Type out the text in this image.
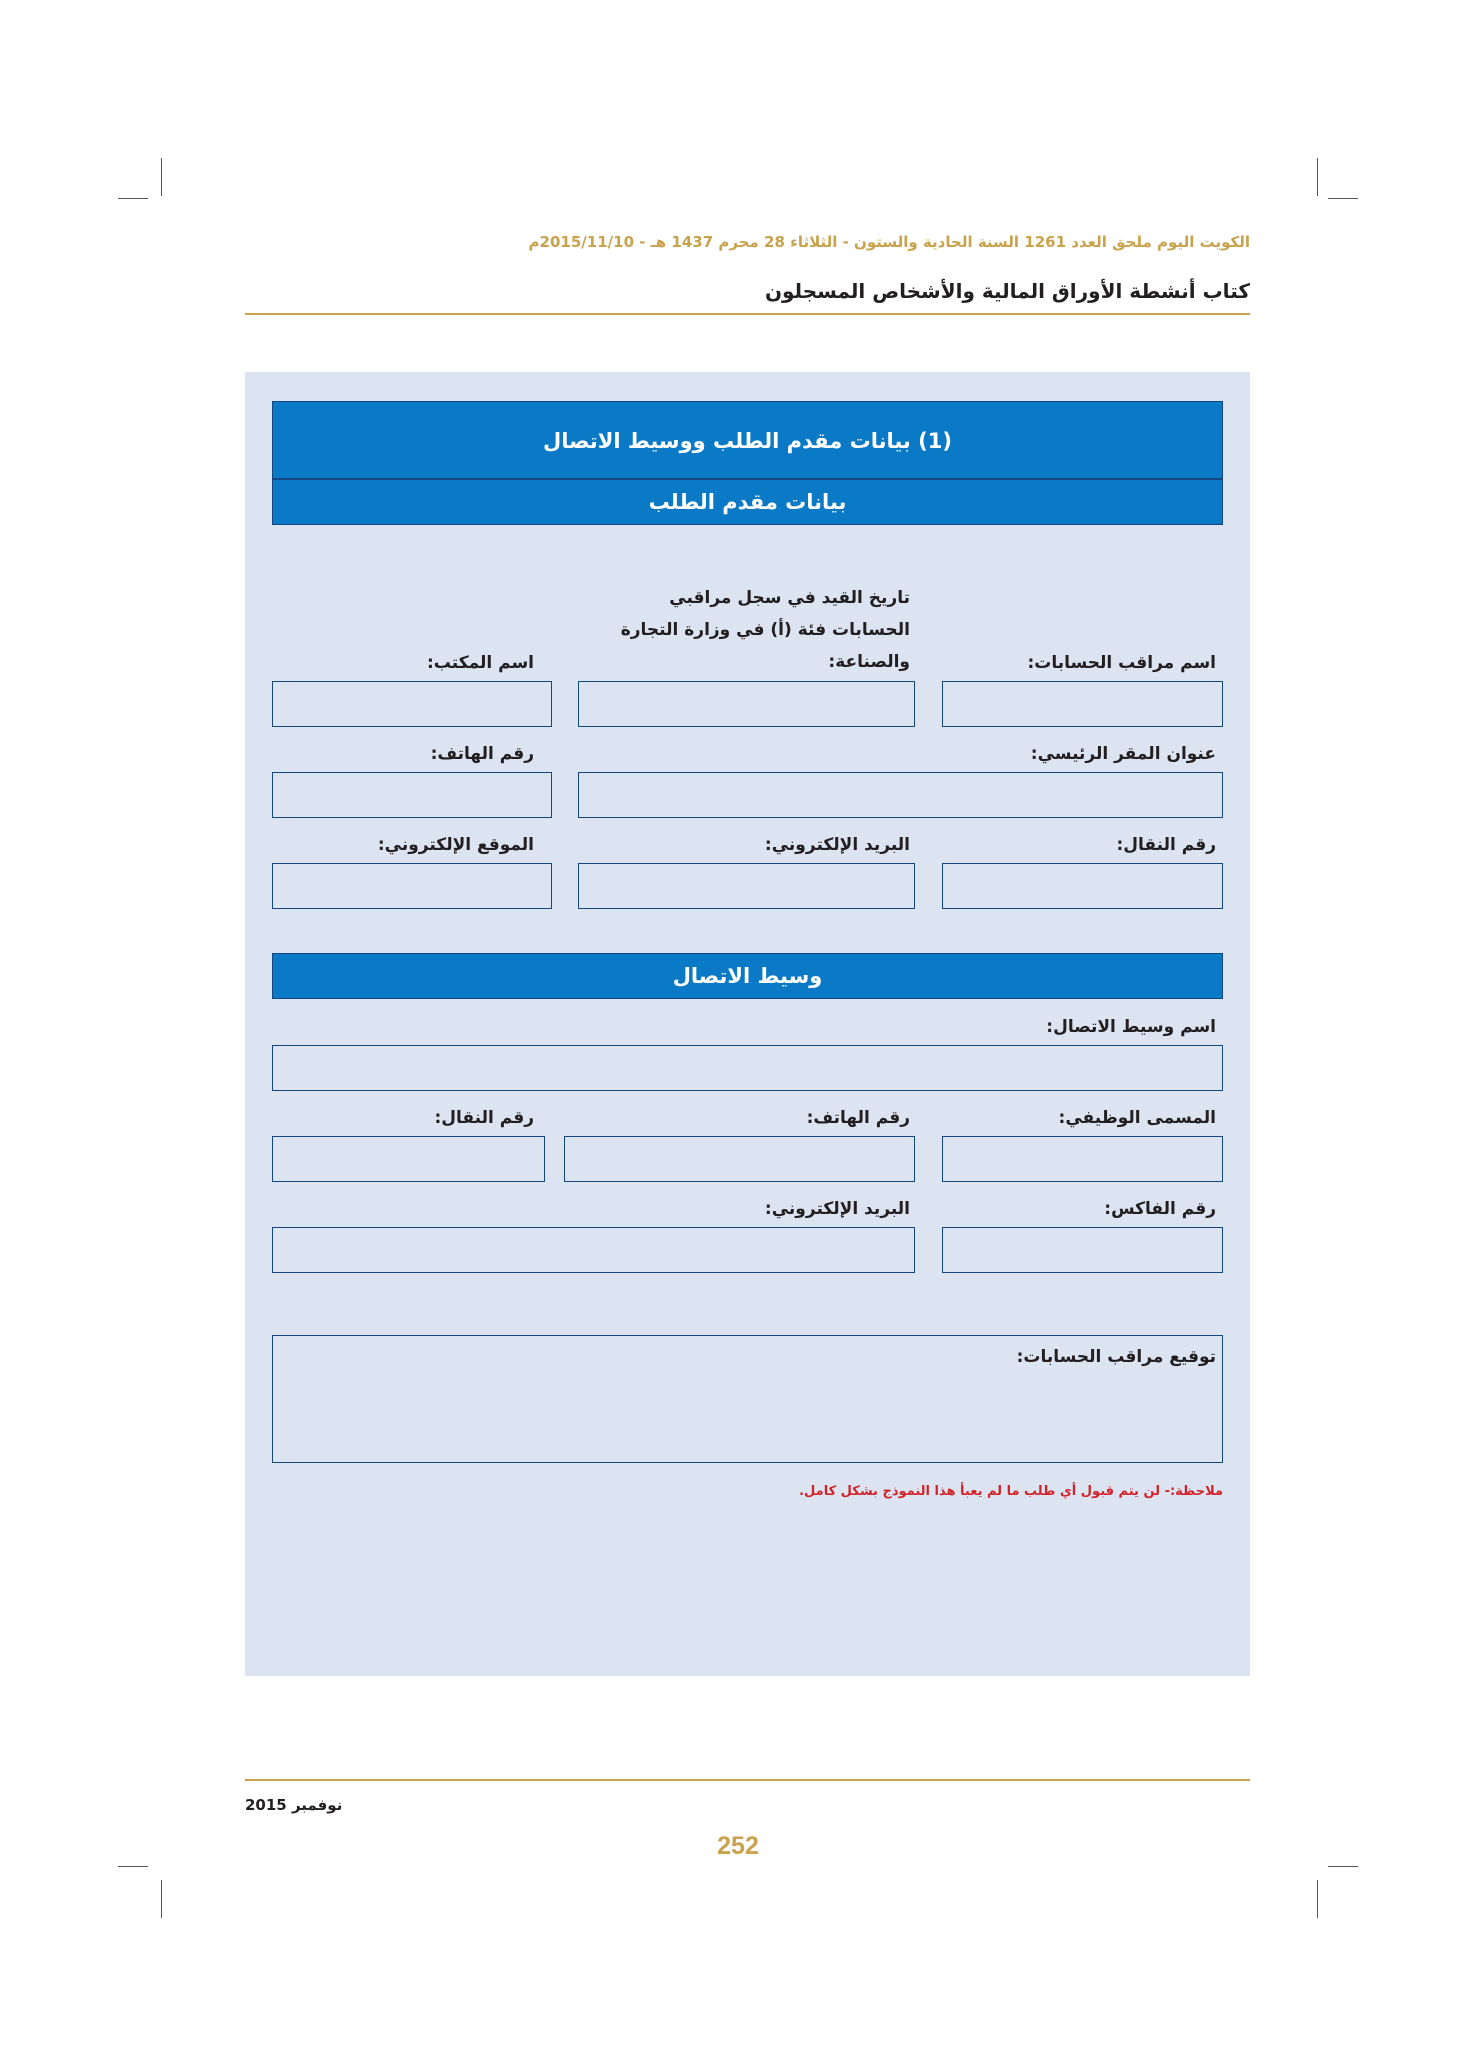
الكويت اليوم ملحق العدد 1261 السنة الحادية والستون - الثلاثاء 28 محرم 1437 هـ - 2015/11/10م
كتاب أنشطة الأوراق المالية والأشخاص المسجلون
(1) بيانات مقدم الطلب ووسيط الاتصال
بيانات مقدم الطلب
اسم مراقب الحسابات:
تاريخ القيد في سجل مراقبي الحسابات فئة (أ) في وزارة التجارة والصناعة:
اسم المكتب:
عنوان المقر الرئيسي:
رقم الهاتف:
رقم النقال:
البريد الإلكتروني:
الموقع الإلكتروني:
وسيط الاتصال
اسم وسيط الاتصال:
المسمى الوظيفي:
رقم الهاتف:
رقم النقال:
رقم الفاكس:
البريد الإلكتروني:
توقيع مراقب الحسابات:
ملاحظة:- لن يتم قبول أي طلب ما لم يعبأ هذا النموذج بشكل كامل.
نوفمبر 2015
252
